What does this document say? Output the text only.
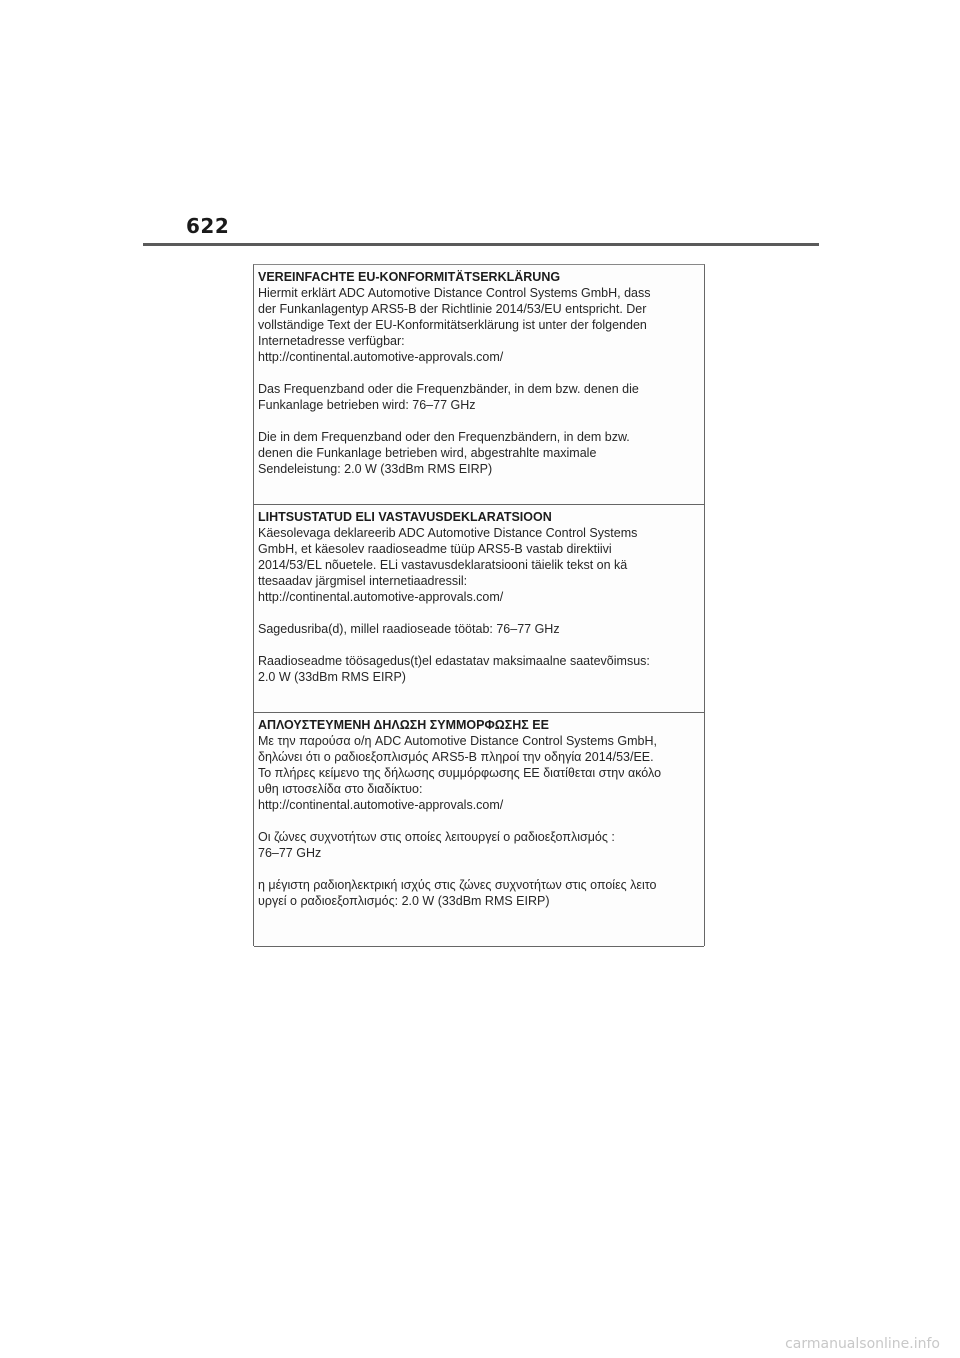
622
VEREINFACHTE EU-KONFORMITÄTSERKLÄRUNG
Hiermit erklärt ADC Automotive Distance Control Systems GmbH, dass
der Funkanlagentyp ARS5-B der Richtlinie 2014/53/EU entspricht. Der
vollständige Text der EU-Konformitätserklärung ist unter der folgenden
Internetadresse verfügbar:
http://continental.automotive-approvals.com/
Das Frequenzband oder die Frequenzbänder, in dem bzw. denen die
Funkanlage betrieben wird: 76–77 GHz
Die in dem Frequenzband oder den Frequenzbändern, in dem bzw.
denen die Funkanlage betrieben wird, abgestrahlte maximale
Sendeleistung: 2.0 W (33dBm RMS EIRP)
LIHTSUSTATUD ELI VASTAVUSDEKLARATSIOON
Käesolevaga deklareerib ADC Automotive Distance Control Systems
GmbH, et käesolev raadioseadme tüüp ARS5-B vastab direktiivi
2014/53/EL nõuetele. ELi vastavusdeklaratsiooni täielik tekst on kä
ttesaadav järgmisel internetiaadressil:
http://continental.automotive-approvals.com/
Sagedusriba(d), millel raadioseade töötab: 76–77 GHz
Raadioseadme töösagedus(t)el edastatav maksimaalne saatevõimsus:
2.0 W (33dBm RMS EIRP)
ΑΠΛΟΥΣΤΕΥΜΕΝΗ ΔΗΛΩΣΗ ΣΥΜΜΟΡΦΩΣΗΣ ΕΕ
Με την παρούσα ο/η ADC Automotive Distance Control Systems GmbH,
δηλώνει ότι ο ραδιοεξοπλισμός ARS5-B πληροί την οδηγία 2014/53/ΕΕ.
Το πλήρες κείμενο της δήλωσης συμμόρφωσης ΕΕ διατίθεται στην ακόλο
υθη ιστοσελίδα στο διαδίκτυο:
http://continental.automotive-approvals.com/
Οι ζώνες συχνοτήτων στις οποίες λειτουργεί ο ραδιοεξοπλισμός :
76–77 GHz
η μέγιστη ραδιοηλεκτρική ισχύς στις ζώνες συχνοτήτων στις οποίες λειτο
υργεί ο ραδιοεξοπλισμός: 2.0 W (33dBm RMS EIRP)
carmanualsonline.info
